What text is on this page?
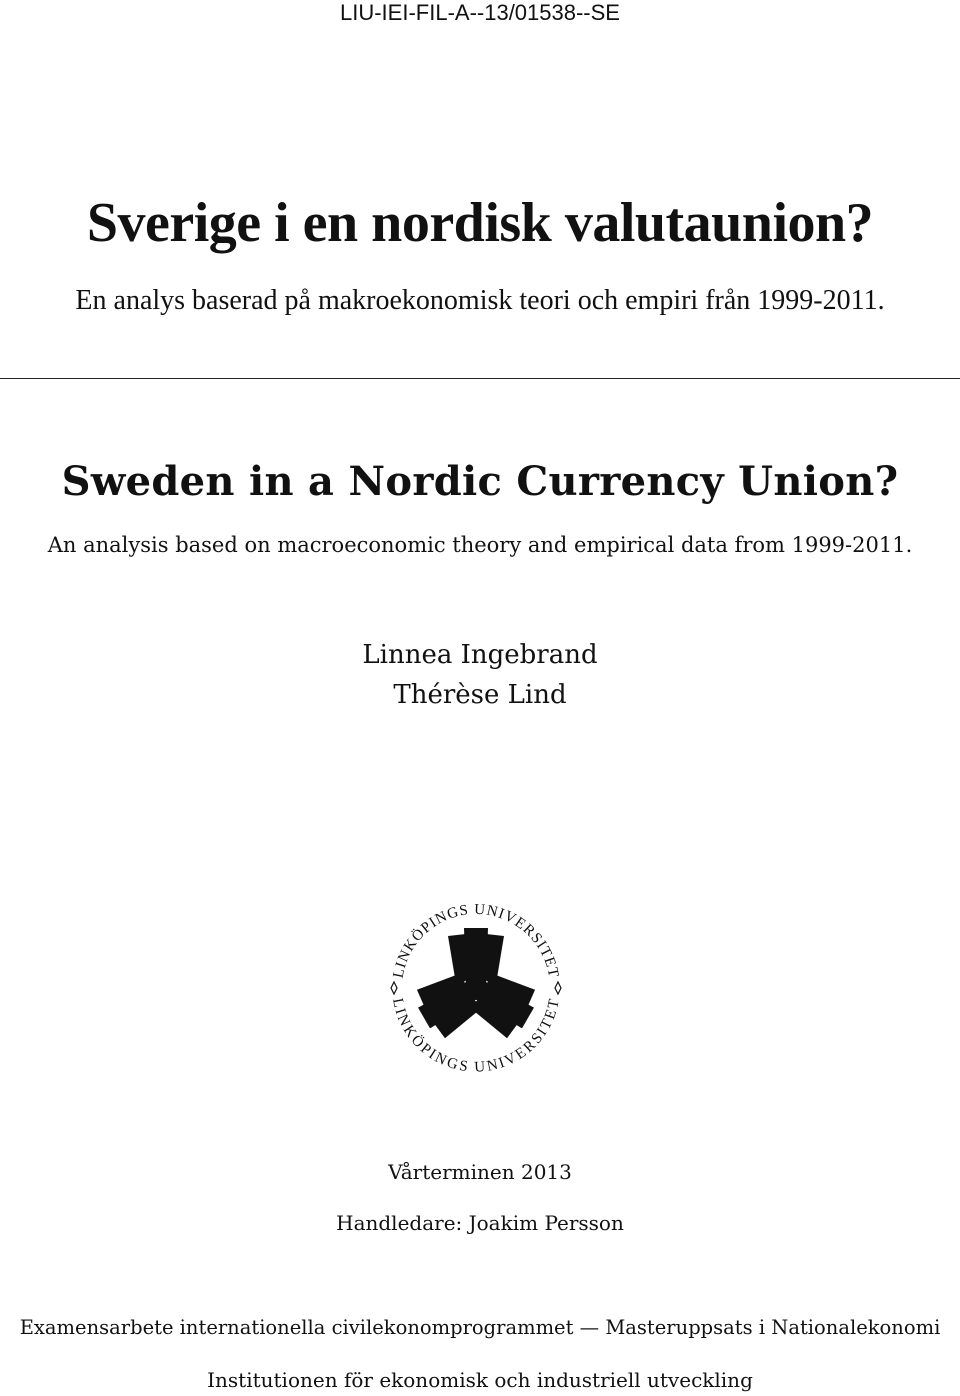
LIU-IEI-FIL-A--13/01538--SE
Sverige i en nordisk valutaunion?
En analys baserad på makroekonomisk teori och empiri från 1999-2011.
Sweden in a Nordic Currency Union?
An analysis based on macroeconomic theory and empirical data from 1999-2011.
Linnea Ingebrand
Thérèse Lind
LINKÖPINGS UNIVERSITET
LINKÖPINGS UNIVERSITET
Vårterminen 2013
Handledare: Joakim Persson
Examensarbete internationella civilekonomprogrammet — Masteruppsats i Nationalekonomi
Institutionen för ekonomisk och industriell utveckling
